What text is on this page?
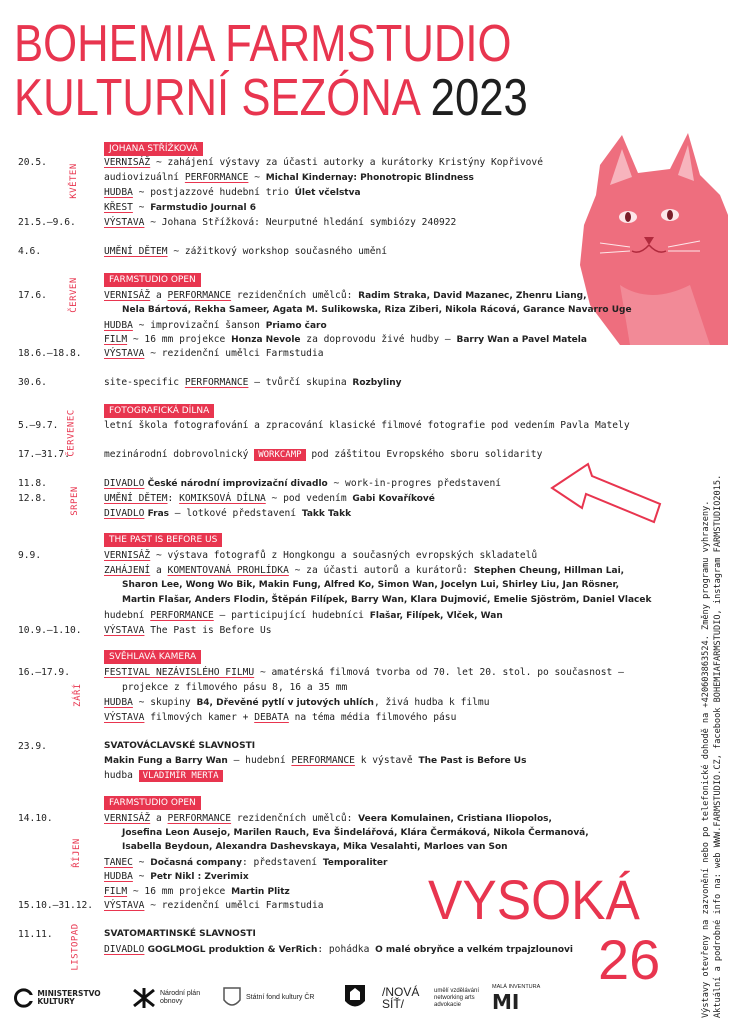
BOHEMIA FARMSTUDIO
KULTURNÍ SEZÓNA 2023
KVĚTEN
ČERVEN
ČERVENEC
SRPEN
ZÁŘÍ
ŘÍJEN
LISTOPAD
JOHANA STŘÍŽKOVÁ
FARMSTUDIO OPEN
FOTOGRAFICKÁ DÍLNA
THE PAST IS BEFORE US
SVĚHLAVÁ KAMERA
FARMSTUDIO OPEN
20.5.
21.5.–9.6.
4.6.
17.6.
18.6.–18.8.
30.6.
5.–9.7.
17.–31.7.
11.8.
12.8.
9.9.
10.9.–1.10.
16.–17.9.
23.9.
14.10.
15.10.–31.12.
11.11.
VERNISÁŽ ~ zahájení výstavy za účasti autorky a kurátorky Kristýny Kopřivové
audiovizuální PERFORMANCE ~ Michal Kindernay: Phonotropic Blindness
HUDBA ~ postjazzové hudební trio Úlet včelstva
KŘEST ~ Farmstudio Journal 6
VÝSTAVA ~ Johana Střížková: Neurputné hledání symbiózy 240922
UMĚNÍ DĚTEM ~ zážitkový workshop současného umění
VERNISÁŽ a PERFORMANCE rezidenčních umělců: Radim Straka, David Mazanec, Zhenru Liang,
Nela Bártová, Rekha Sameer, Agata M. Sulikowska, Riza Ziberi, Nikola Rácová, Garance Navarro Uge
HUDBA ~ improvizační šanson Priamo čaro
FILM ~ 16 mm projekce Honza Nevole za doprovodu živé hudby – Barry Wan a Pavel Matela
VÝSTAVA ~ rezidenční umělci Farmstudia
site-specific PERFORMANCE – tvůrčí skupina Rozbyliny
letní škola fotografování a zpracování klasické filmové fotografie pod vedením Pavla Mately
mezinárodní dobrovolnický WORKCAMP pod záštitou Evropského sboru solidarity
DIVADLO České národní improvizační divadlo ~ work-in-progres představení
UMĚNÍ DĚTEM: KOMIKSOVÁ DÍLNA ~ pod vedením Gabi Kovaříkové
DIVADLO Fras – lotkové představení Takk Takk
VERNISÁŽ ~ výstava fotografů z Hongkongu a současných evropských skladatelů
ZAHÁJENÍ a KOMENTOVANÁ PROHLÍDKA ~ za účasti autorů a kurátorů: Stephen Cheung, Hillman Lai,
Sharon Lee, Wong Wo Bik, Makin Fung, Alfred Ko, Simon Wan, Jocelyn Lui, Shirley Liu, Jan Rösner,
Martin Flašar, Anders Flodin, Štěpán Filípek, Barry Wan, Klara Dujmović, Emelie Sjöström, Daniel Vlacek
hudební PERFORMANCE – participující hudebníci Flašar, Filípek, Vlček, Wan
VÝSTAVA The Past is Before Us
FESTIVAL NEZÁVISLÉHO FILMU ~ amatérská filmová tvorba od 70. let 20. stol. po současnost –
projekce z filmového pásu 8, 16 a 35 mm
HUDBA ~ skupiny B4, Dřevěné pytlí v jutových uhlích, živá hudba k filmu
VÝSTAVA filmových kamer + DEBATA na téma média filmového pásu
SVATOVÁCLAVSKÉ SLAVNOSTI
Makin Fung a Barry Wan – hudební PERFORMANCE k výstavě The Past is Before Us
hudba VLADIMÍR MERTA
VERNISÁŽ a PERFORMANCE rezidenčních umělců: Veera Komulainen, Cristiana Iliopolos,
Josefina Leon Ausejo, Marilen Rauch, Eva Šindelářová, Klára Čermáková, Nikola Čermanová,
Isabella Beydoun, Alexandra Dashevskaya, Mika Vesalahti, Marloes van Son
TANEC ~ Dočasná company: představení Temporaliter
HUDBA ~ Petr Nikl : Zverimix
FILM ~ 16 mm projekce Martin Plitz
VÝSTAVA ~ rezidenční umělci Farmstudia
SVATOMARTINSKÉ SLAVNOSTI
DIVADLO GOGLMOGL produktion & VerRich: pohádka O malé obryňce a velkém trpajzlounovi
VYSOKÁ
26	Výstavy otevřeny na zazvonění nebo po telefonické dohodě na +420603863524. Změny programu vyhrazeny. Aktuální a podrobné info na: web WWW.FARMSTUDIO.CZ, facebook BOHEMIAFARMSTUDIO, instagram FARMSTUDIO2015.
MINISTERSTVO KULTURY
Národní plán obnovy
Státní fond kultury ČR	/NOVÁ SÍŤ/
umělí vzdělávání networking arts advokacie
MALÁ INVENTURA
MI
